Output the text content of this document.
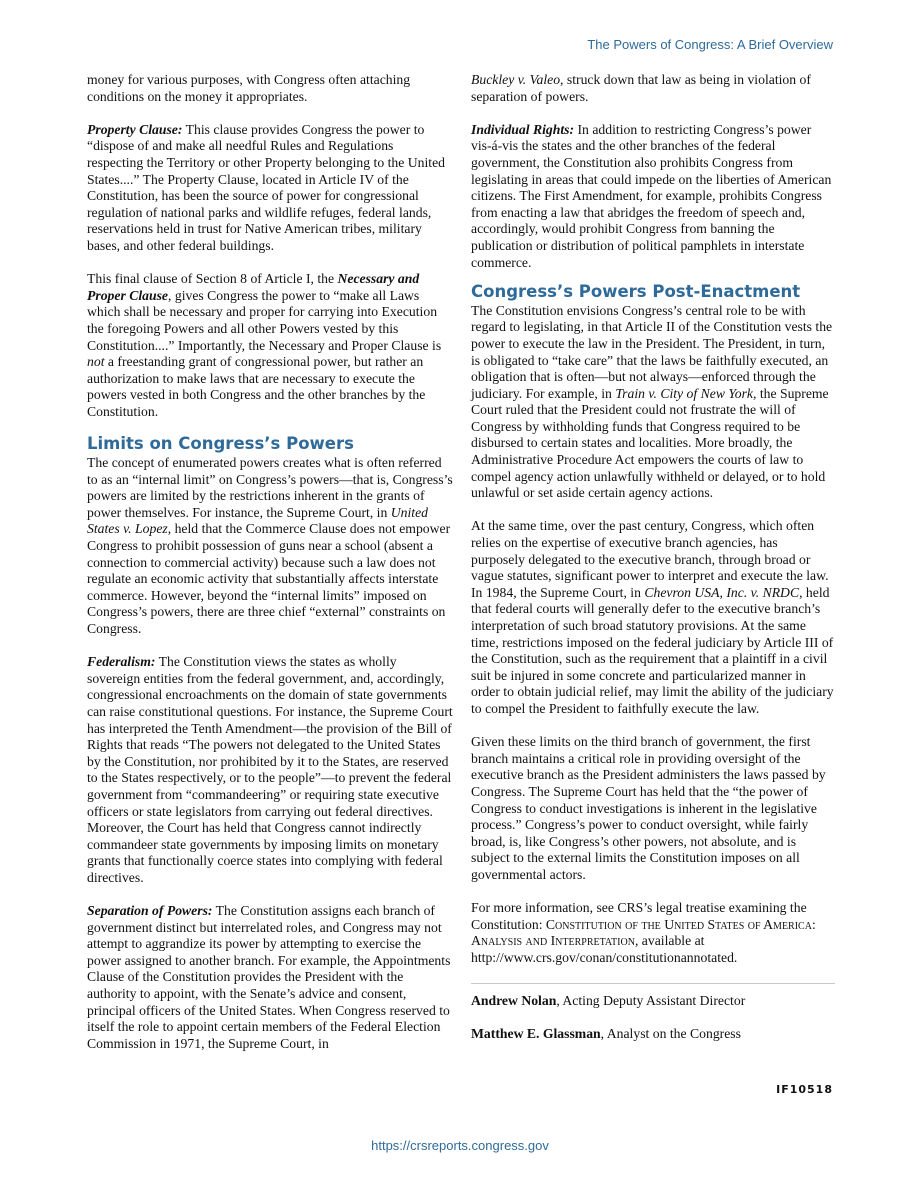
The Powers of Congress: A Brief Overview

money for various purposes, with Congress often attaching conditions on the money it appropriates.

Property Clause: This clause provides Congress the power to “dispose of and make all needful Rules and Regulations respecting the Territory or other Property belonging to the United States....” The Property Clause, located in Article IV of the Constitution, has been the source of power for congressional regulation of national parks and wildlife refuges, federal lands, reservations held in trust for Native American tribes, military bases, and other federal buildings.

This final clause of Section 8 of Article I, the Necessary and Proper Clause, gives Congress the power to “make all Laws which shall be necessary and proper for carrying into Execution the foregoing Powers and all other Powers vested by this Constitution....” Importantly, the Necessary and Proper Clause is not a freestanding grant of congressional power, but rather an authorization to make laws that are necessary to execute the powers vested in both Congress and the other branches by the Constitution.

Limits on Congress’s Powers

The concept of enumerated powers creates what is often referred to as an “internal limit” on Congress’s powers—that is, Congress’s powers are limited by the restrictions inherent in the grants of power themselves. For instance, the Supreme Court, in United States v. Lopez, held that the Commerce Clause does not empower Congress to prohibit possession of guns near a school (absent a connection to commercial activity) because such a law does not regulate an economic activity that substantially affects interstate commerce. However, beyond the “internal limits” imposed on Congress’s powers, there are three chief “external” constraints on Congress.

Federalism: The Constitution views the states as wholly sovereign entities from the federal government, and, accordingly, congressional encroachments on the domain of state governments can raise constitutional questions. For instance, the Supreme Court has interpreted the Tenth Amendment—the provision of the Bill of Rights that reads “The powers not delegated to the United States by the Constitution, nor prohibited by it to the States, are reserved to the States respectively, or to the people”—to prevent the federal government from “commandeering” or requiring state executive officers or state legislators from carrying out federal directives. Moreover, the Court has held that Congress cannot indirectly commandeer state governments by imposing limits on monetary grants that functionally coerce states into complying with federal directives.

Separation of Powers: The Constitution assigns each branch of government distinct but interrelated roles, and Congress may not attempt to aggrandize its power by attempting to exercise the power assigned to another branch. For example, the Appointments Clause of the Constitution provides the President with the authority to appoint, with the Senate’s advice and consent, principal officers of the United States. When Congress reserved to itself the role to appoint certain members of the Federal Election Commission in 1971, the Supreme Court, in

Buckley v. Valeo, struck down that law as being in violation of separation of powers.

Individual Rights: In addition to restricting Congress’s power vis-á-vis the states and the other branches of the federal government, the Constitution also prohibits Congress from legislating in areas that could impede on the liberties of American citizens. The First Amendment, for example, prohibits Congress from enacting a law that abridges the freedom of speech and, accordingly, would prohibit Congress from banning the publication or distribution of political pamphlets in interstate commerce.

Congress’s Powers Post-Enactment

The Constitution envisions Congress’s central role to be with regard to legislating, in that Article II of the Constitution vests the power to execute the law in the President. The President, in turn, is obligated to “take care” that the laws be faithfully executed, an obligation that is often—but not always—enforced through the judiciary. For example, in Train v. City of New York, the Supreme Court ruled that the President could not frustrate the will of Congress by withholding funds that Congress required to be disbursed to certain states and localities. More broadly, the Administrative Procedure Act empowers the courts of law to compel agency action unlawfully withheld or delayed, or to hold unlawful or set aside certain agency actions.

At the same time, over the past century, Congress, which often relies on the expertise of executive branch agencies, has purposely delegated to the executive branch, through broad or vague statutes, significant power to interpret and execute the law. In 1984, the Supreme Court, in Chevron USA, Inc. v. NRDC, held that federal courts will generally defer to the executive branch’s interpretation of such broad statutory provisions. At the same time, restrictions imposed on the federal judiciary by Article III of the Constitution, such as the requirement that a plaintiff in a civil suit be injured in some concrete and particularized manner in order to obtain judicial relief, may limit the ability of the judiciary to compel the President to faithfully execute the law.

Given these limits on the third branch of government, the first branch maintains a critical role in providing oversight of the executive branch as the President administers the laws passed by Congress. The Supreme Court has held that the “the power of Congress to conduct investigations is inherent in the legislative process.” Congress’s power to conduct oversight, while fairly broad, is, like Congress’s other powers, not absolute, and is subject to the external limits the Constitution imposes on all governmental actors.

For more information, see CRS’s legal treatise examining the Constitution: Constitution of the United States of America: Analysis and Interpretation, available at http://www.crs.gov/conan/constitutionannotated.

Andrew Nolan, Acting Deputy Assistant Director

Matthew E. Glassman, Analyst on the Congress

IF10518
https://crsreports.congress.gov
